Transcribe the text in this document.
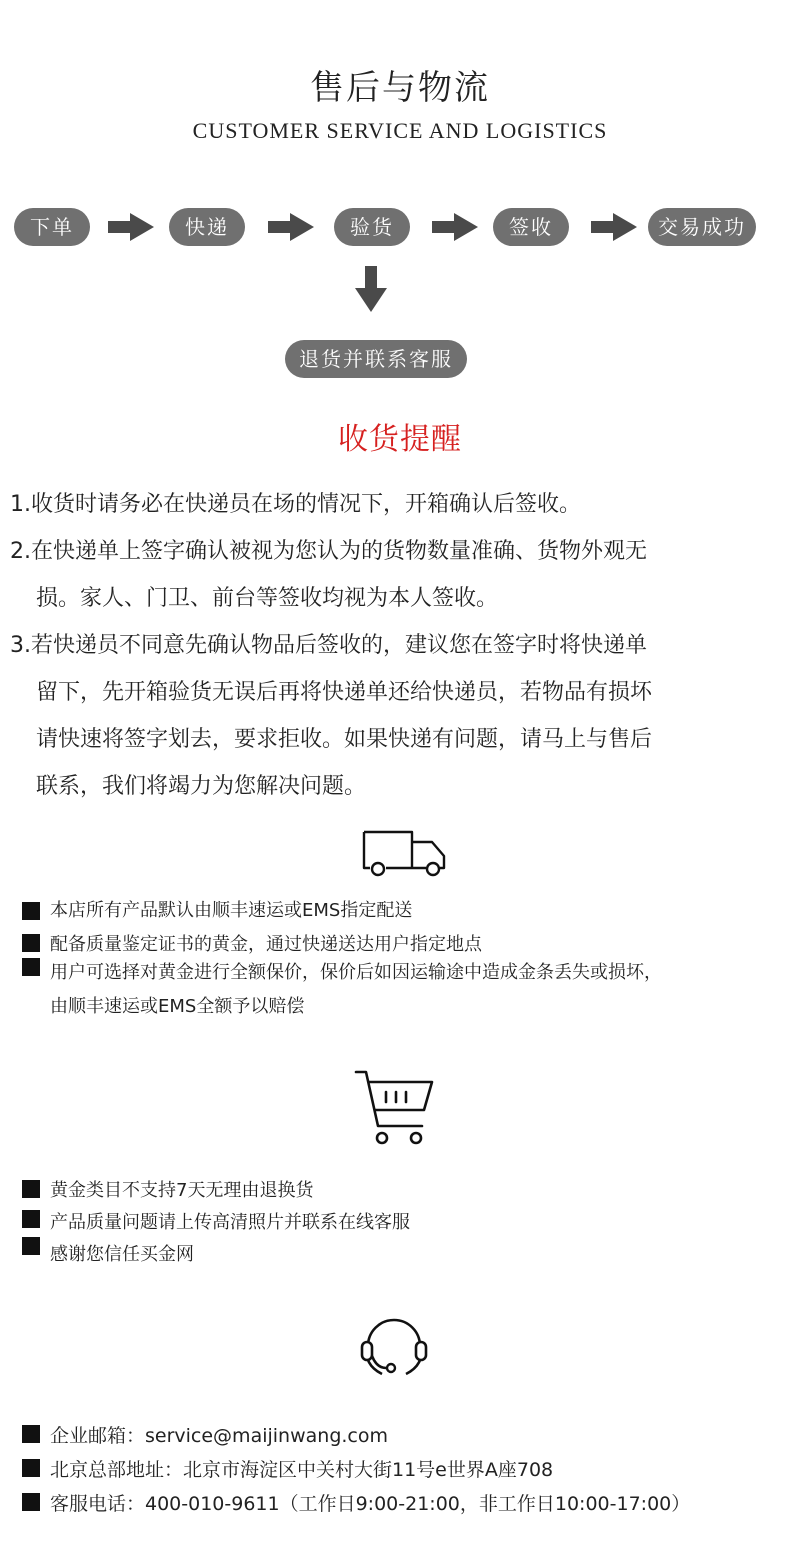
售后与物流
CUSTOMER SERVICE AND LOGISTICS
下单	快递	验货	签收	交易成功
退货并联系客服
收货提醒
1.收货时请务必在快递员在场的情况下，开箱确认后签收。
2.在快递单上签字确认被视为您认为的货物数量准确、货物外观无
损。家人、门卫、前台等签收均视为本人签收。
3.若快递员不同意先确认物品后签收的，建议您在签字时将快递单
留下，先开箱验货无误后再将快递单还给快递员，若物品有损坏
请快速将签字划去，要求拒收。如果快递有问题，请马上与售后
联系，我们将竭力为您解决问题。
本店所有产品默认由顺丰速运或EMS指定配送
配备质量鉴定证书的黄金，通过快递送达用户指定地点
用户可选择对黄金进行全额保价，保价后如因运输途中造成金条丢失或损坏，
由顺丰速运或EMS全额予以赔偿
黄金类目不支持7天无理由退换货
产品质量问题请上传高清照片并联系在线客服
感谢您信任买金网
企业邮箱：service@maijinwang.com
北京总部地址：北京市海淀区中关村大街11号e世界A座708
客服电话：400-010-9611（工作日9:00-21:00，非工作日10:00-17:00）
